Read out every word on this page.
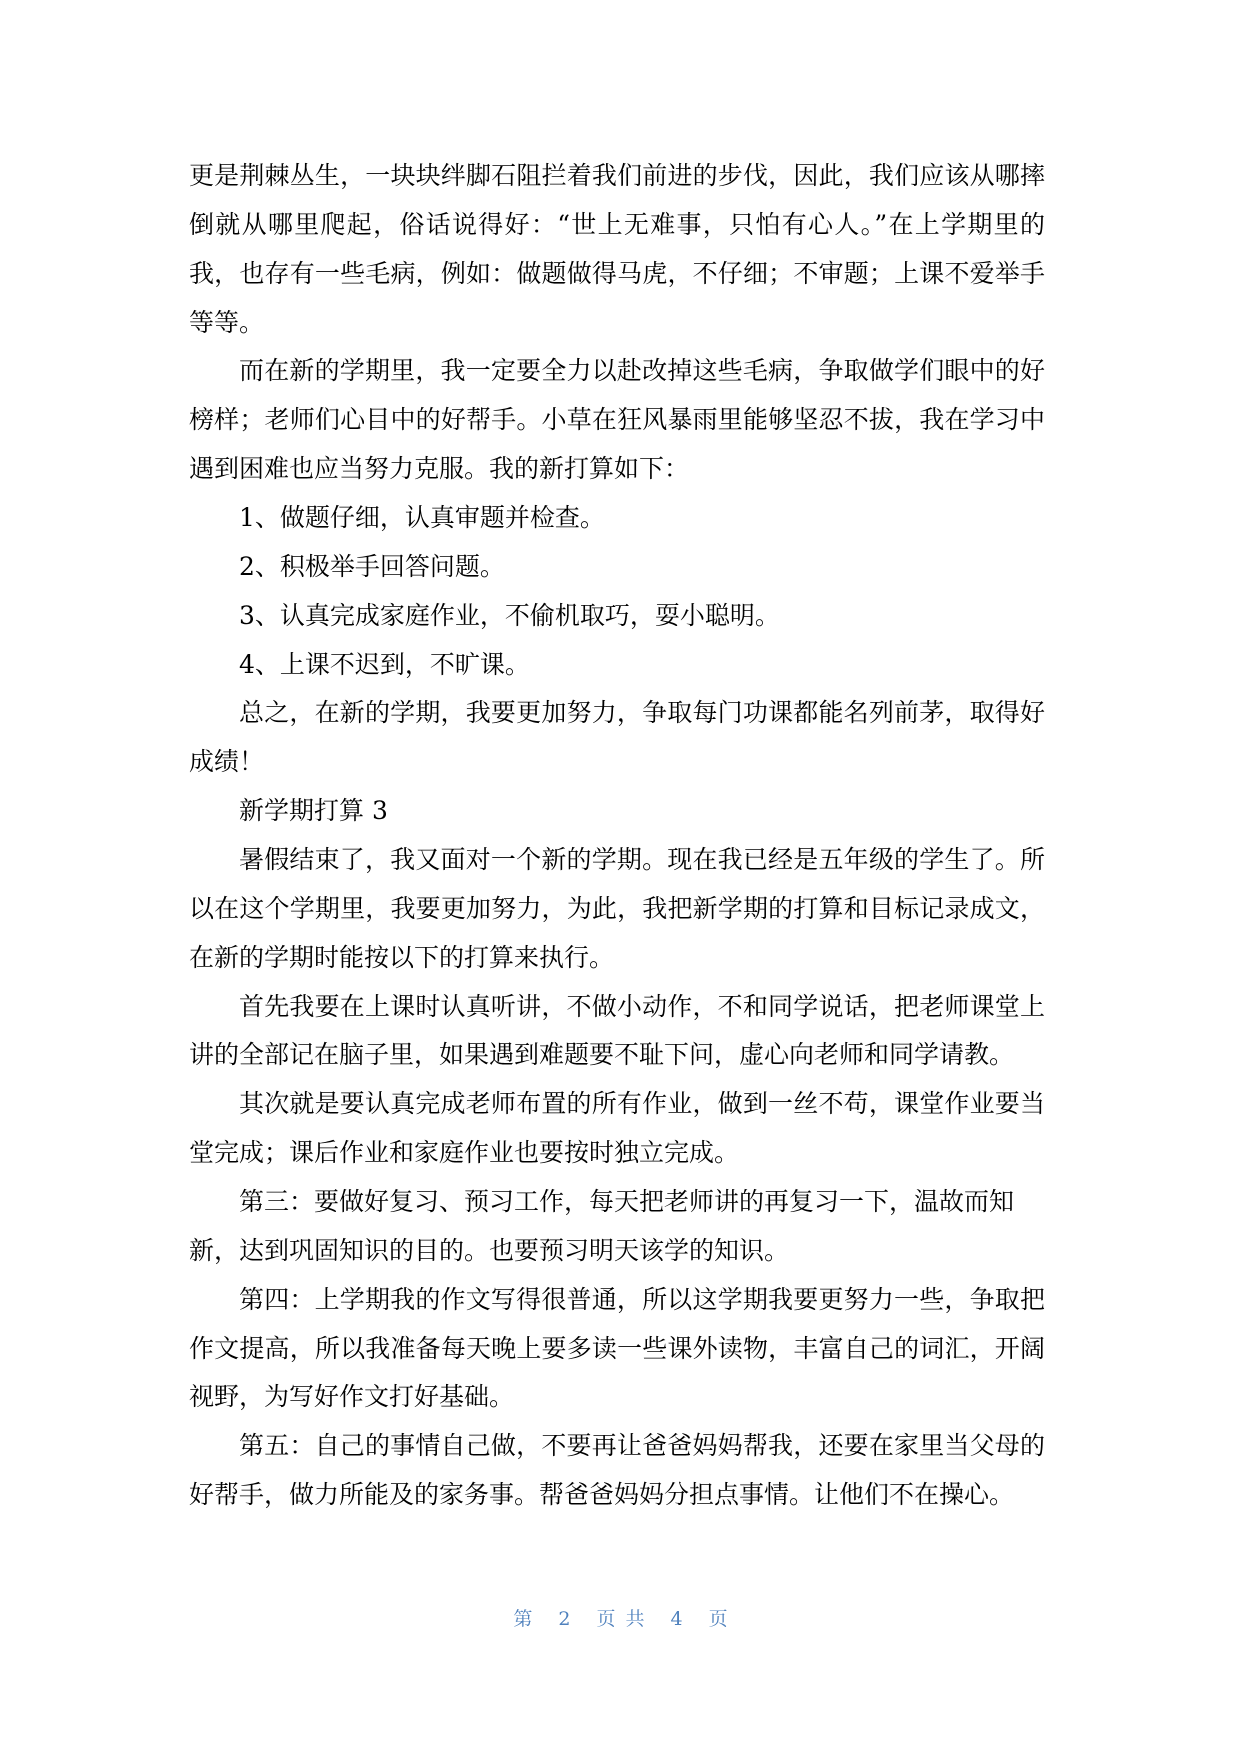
更是荆棘丛生，一块块绊脚石阻拦着我们前进的步伐，因此，我们应该从哪摔
倒就从哪里爬起，俗话说得好：“世上无难事，只怕有心人。”在上学期里的
我，也存有一些毛病，例如：做题做得马虎，不仔细；不审题；上课不爱举手
等等。
而在新的学期里，我一定要全力以赴改掉这些毛病，争取做学们眼中的好
榜样；老师们心目中的好帮手。小草在狂风暴雨里能够坚忍不拔，我在学习中
遇到困难也应当努力克服。我的新打算如下：
1、做题仔细，认真审题并检查。
2、积极举手回答问题。
3、认真完成家庭作业，不偷机取巧，耍小聪明。
4、上课不迟到，不旷课。
总之，在新的学期，我要更加努力，争取每门功课都能名列前茅，取得好
成绩！
新学期打算 3
暑假结束了，我又面对一个新的学期。现在我已经是五年级的学生了。所
以在这个学期里，我要更加努力，为此，我把新学期的打算和目标记录成文，
在新的学期时能按以下的打算来执行。
首先我要在上课时认真听讲，不做小动作，不和同学说话，把老师课堂上
讲的全部记在脑子里，如果遇到难题要不耻下问，虚心向老师和同学请教。
其次就是要认真完成老师布置的所有作业，做到一丝不苟，课堂作业要当
堂完成；课后作业和家庭作业也要按时独立完成。
第三：要做好复习、预习工作，每天把老师讲的再复习一下，温故而知
新，达到巩固知识的目的。也要预习明天该学的知识。
第四：上学期我的作文写得很普通，所以这学期我要更努力一些，争取把
作文提高，所以我准备每天晚上要多读一些课外读物，丰富自己的词汇，开阔
视野，为写好作文打好基础。
第五：自己的事情自己做，不要再让爸爸妈妈帮我，还要在家里当父母的
好帮手，做力所能及的家务事。帮爸爸妈妈分担点事情。让他们不在操心。
第 2 页共 4 页
